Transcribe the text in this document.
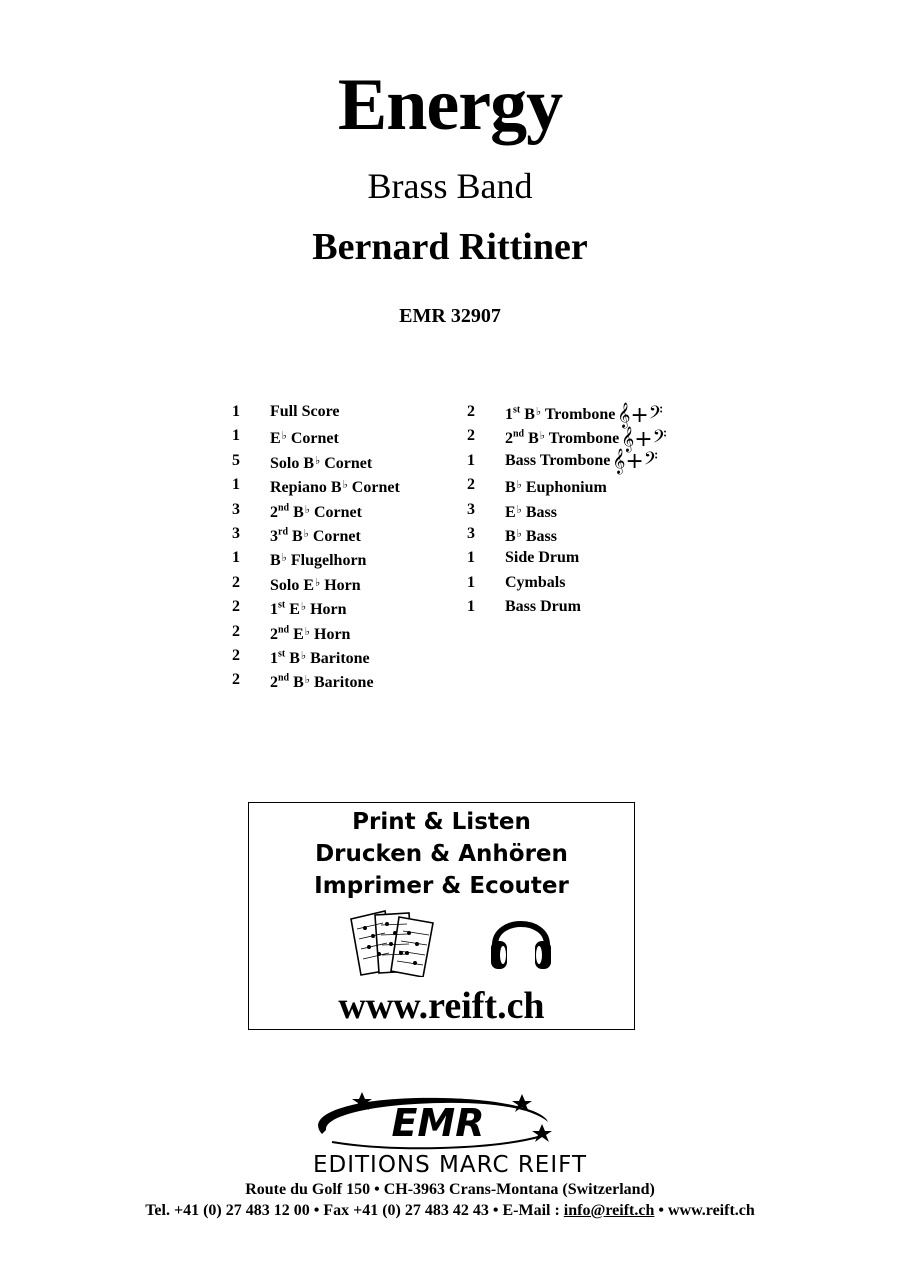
Energy
Brass Band
Bernard Rittiner
EMR 32907
1 Full Score
1 E♭ Cornet
5 Solo B♭ Cornet
1 Repiano B♭ Cornet
3 2nd B♭ Cornet
3 3rd B♭ Cornet
1 B♭ Flugelhorn
2 Solo E♭ Horn
2 1st E♭ Horn
2 2nd E♭ Horn
2 1st B♭ Baritone
2 2nd B♭ Baritone
2 1st B♭ Trombone𝄞+𝄢
2 2nd B♭ Trombone𝄞+𝄢
1 Bass Trombone𝄞+𝄢
2 B♭ Euphonium
3 E♭ Bass
3 B♭ Bass
1 Side Drum
1 Cymbals
1 Bass Drum
Print & Listen
Drucken & Anhören
Imprimer & Ecouter
www.reift.ch
EMR
EDITIONS MARC REIFT
Route du Golf 150 • CH-3963 Crans-Montana (Switzerland)
Tel. +41 (0) 27 483 12 00 • Fax +41 (0) 27 483 42 43 • E-Mail : info@reift.ch • www.reift.ch
